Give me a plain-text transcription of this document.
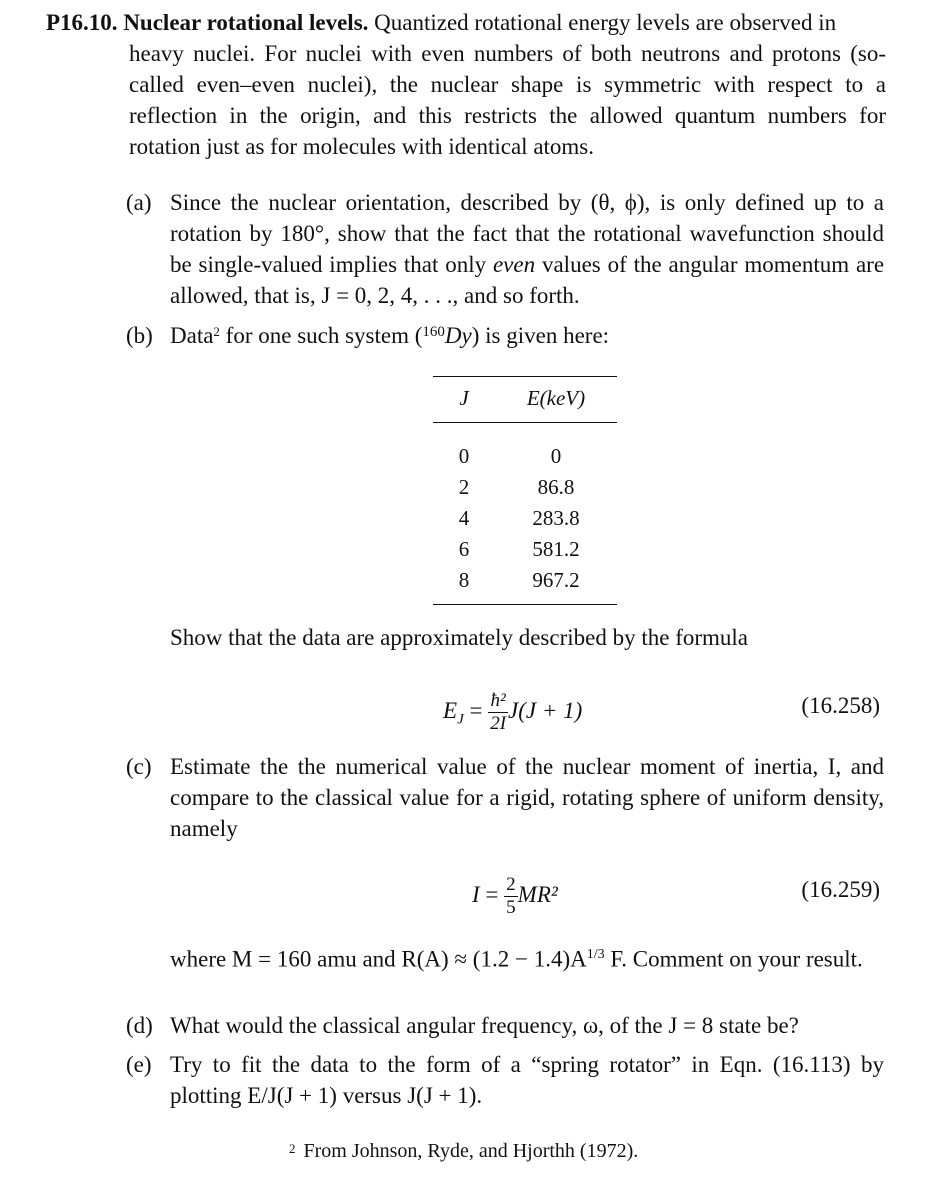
P16.10. Nuclear rotational levels. Quantized rotational energy levels are observed in
heavy nuclei. For nuclei with even numbers of both neutrons and protons (so-called even–even nuclei), the nuclear shape is symmetric with respect to a reflection in the origin, and this restricts the allowed quantum numbers for rotation just as for molecules with identical atoms.

(a) Since the nuclear orientation, described by (θ, ϕ), is only defined up to a rotation by 180°, show that the fact that the rotational wavefunction should be single-valued implies that only even values of the angular momentum are allowed, that is, J = 0, 2, 4, . . ., and so forth.
(b) Data$^2$ for one such system ($^{160}$Dy) is given here:
J	E(keV)
0	0
2	86.8
4	283.8
6	581.2
8	967.2
Show that the data are approximately described by the formula
$E_J = \frac{\text{ħ²}}{2I} J(J + 1)$	(16.258)
(c) Estimate the the numerical value of the nuclear moment of inertia, I, and compare to the classical value for a rigid, rotating sphere of uniform density, namely
$I = \frac{2}{5} MR^2$	(16.259)
where M = 160 amu and $R(A) \approx (1.2 - 1.4)A^{1/3}$ F. Comment on your result.
(d) What would the classical angular frequency, ω, of the J = 8 state be?
(e) Try to fit the data to the form of a “spring rotator” in Eqn. (16.113) by plotting E/J(J + 1) versus J(J + 1).
$^2$ From Johnson, Ryde, and Hjorthh (1972).
